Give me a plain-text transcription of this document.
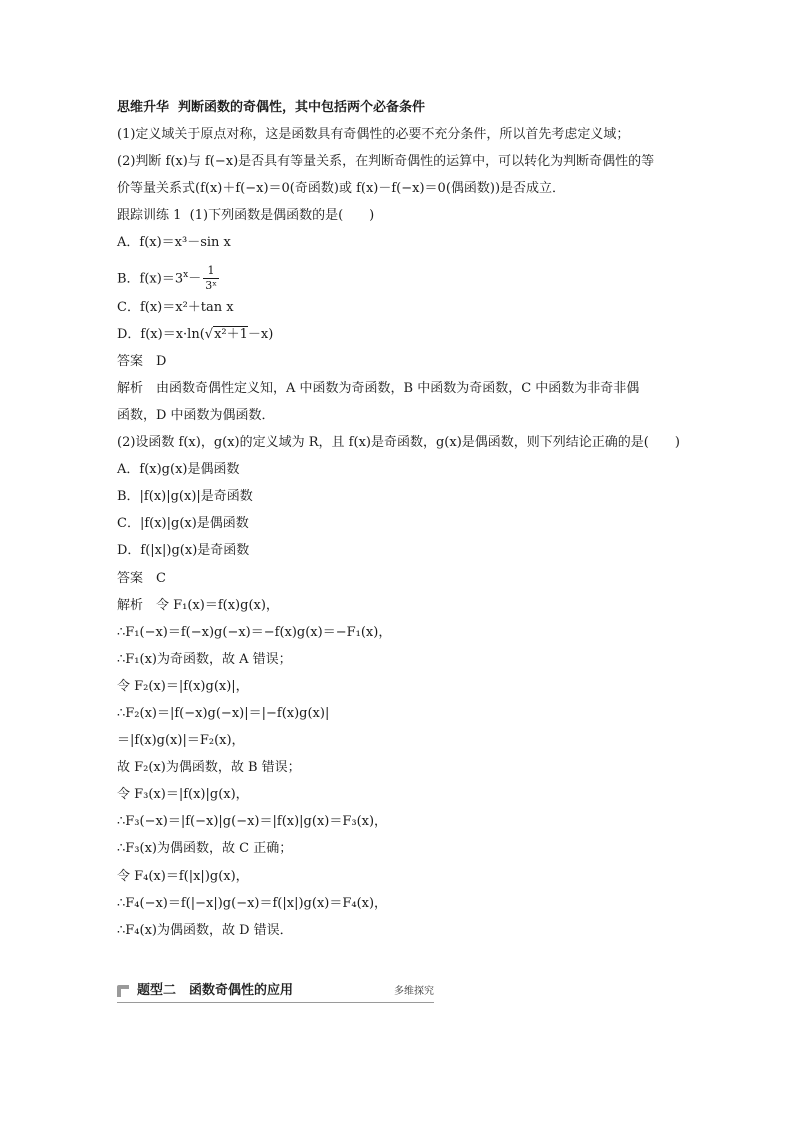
思维升华  判断函数的奇偶性，其中包括两个必备条件
(1)定义域关于原点对称，这是函数具有奇偶性的必要不充分条件，所以首先考虑定义域；
(2)判断 f(x)与 f(−x)是否具有等量关系，在判断奇偶性的运算中，可以转化为判断奇偶性的等
价等量关系式(f(x)＋f(−x)＝0(奇函数)或 f(x)－f(−x)＝0(偶函数))是否成立．
跟踪训练 1  (1)下列函数是偶函数的是(　　)
A．f(x)＝x³－sin x
B．$f(x)=3^x- \frac{1}{\text{3ˣ}}$
C．f(x)＝x²＋tan x
D．f(x)＝x·ln(√x²＋1－x)
答案　D
解析　由函数奇偶性定义知，A 中函数为奇函数，B 中函数为奇函数，C 中函数为非奇非偶
函数，D 中函数为偶函数．
(2)设函数 f(x)，g(x)的定义域为 R，且 f(x)是奇函数，g(x)是偶函数，则下列结论正确的是(　　)
A．f(x)g(x)是偶函数
B．|f(x)|g(x)|是奇函数
C．|f(x)|g(x)是偶函数
D．f(|x|)g(x)是奇函数
答案　C
解析　令 F₁(x)＝f(x)g(x)，
∴F₁(−x)＝f(−x)g(−x)＝−f(x)g(x)＝−F₁(x)，
∴F₁(x)为奇函数，故 A 错误；
令 F₂(x)＝|f(x)g(x)|，
∴F₂(x)＝|f(−x)g(−x)|＝|−f(x)g(x)|
＝|f(x)g(x)|＝F₂(x)，
故 F₂(x)为偶函数，故 B 错误；
令 F₃(x)＝|f(x)|g(x)，
∴F₃(−x)＝|f(−x)|g(−x)＝|f(x)|g(x)＝F₃(x)，
∴F₃(x)为偶函数，故 C 正确；
令 F₄(x)＝f(|x|)g(x)，
∴F₄(−x)＝f(|−x|)g(−x)＝f(|x|)g(x)＝F₄(x)，
∴F₄(x)为偶函数，故 D 错误．
题型二　函数奇偶性的应用	多维探究
